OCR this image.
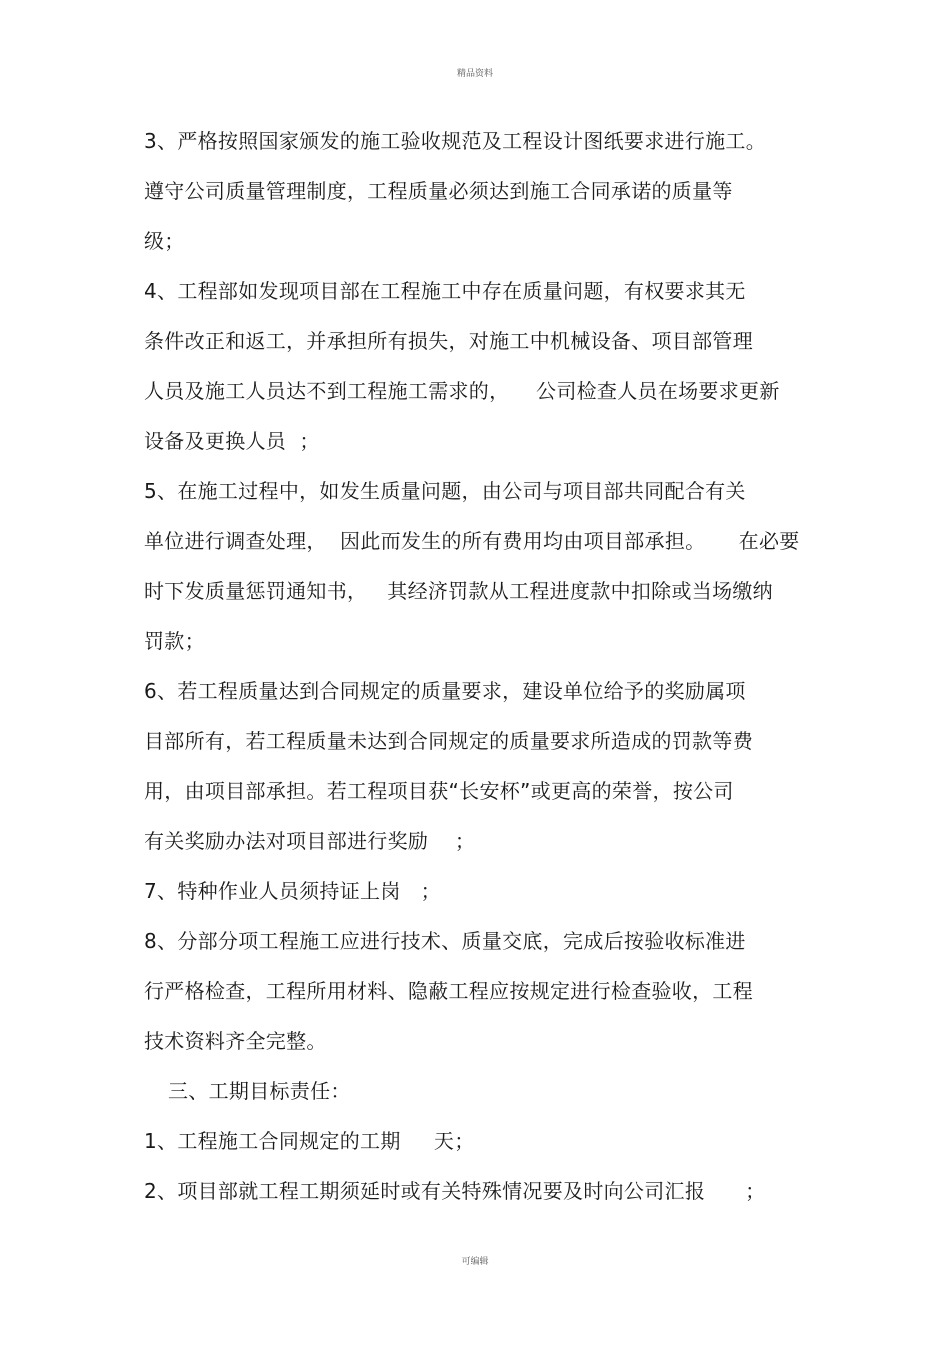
精品资料
3、严格按照国家颁发的施工验收规范及工程设计图纸要求进行施工。
遵守公司质量管理制度，工程质量必须达到施工合同承诺的质量等
级；
4、工程部如发现项目部在工程施工中存在质量问题，有权要求其无
条件改正和返工，并承担所有损失，对施工中机械设备、项目部管理
人员及施工人员达不到工程施工需求的，    公司检查人员在场要求更新
设备及更换人员  ；
5、在施工过程中，如发生质量问题，由公司与项目部共同配合有关
单位进行调查处理，  因此而发生的所有费用均由项目部承担。     在必要
时下发质量惩罚通知书，   其经济罚款从工程进度款中扣除或当场缴纳
罚款；
6、若工程质量达到合同规定的质量要求，建设单位给予的奖励属项
目部所有，若工程质量未达到合同规定的质量要求所造成的罚款等费
用，由项目部承担。若工程项目获“长安杯”或更高的荣誉，按公司
有关奖励办法对项目部进行奖励    ；
7、特种作业人员须持证上岗   ；
8、分部分项工程施工应进行技术、质量交底，完成后按验收标准进
行严格检查，工程所用材料、隐蔽工程应按规定进行检查验收，工程
技术资料齐全完整。
三、工期目标责任：
1、工程施工合同规定的工期     天；
2、项目部就工程工期须延时或有关特殊情况要及时向公司汇报      ；
可编辑
